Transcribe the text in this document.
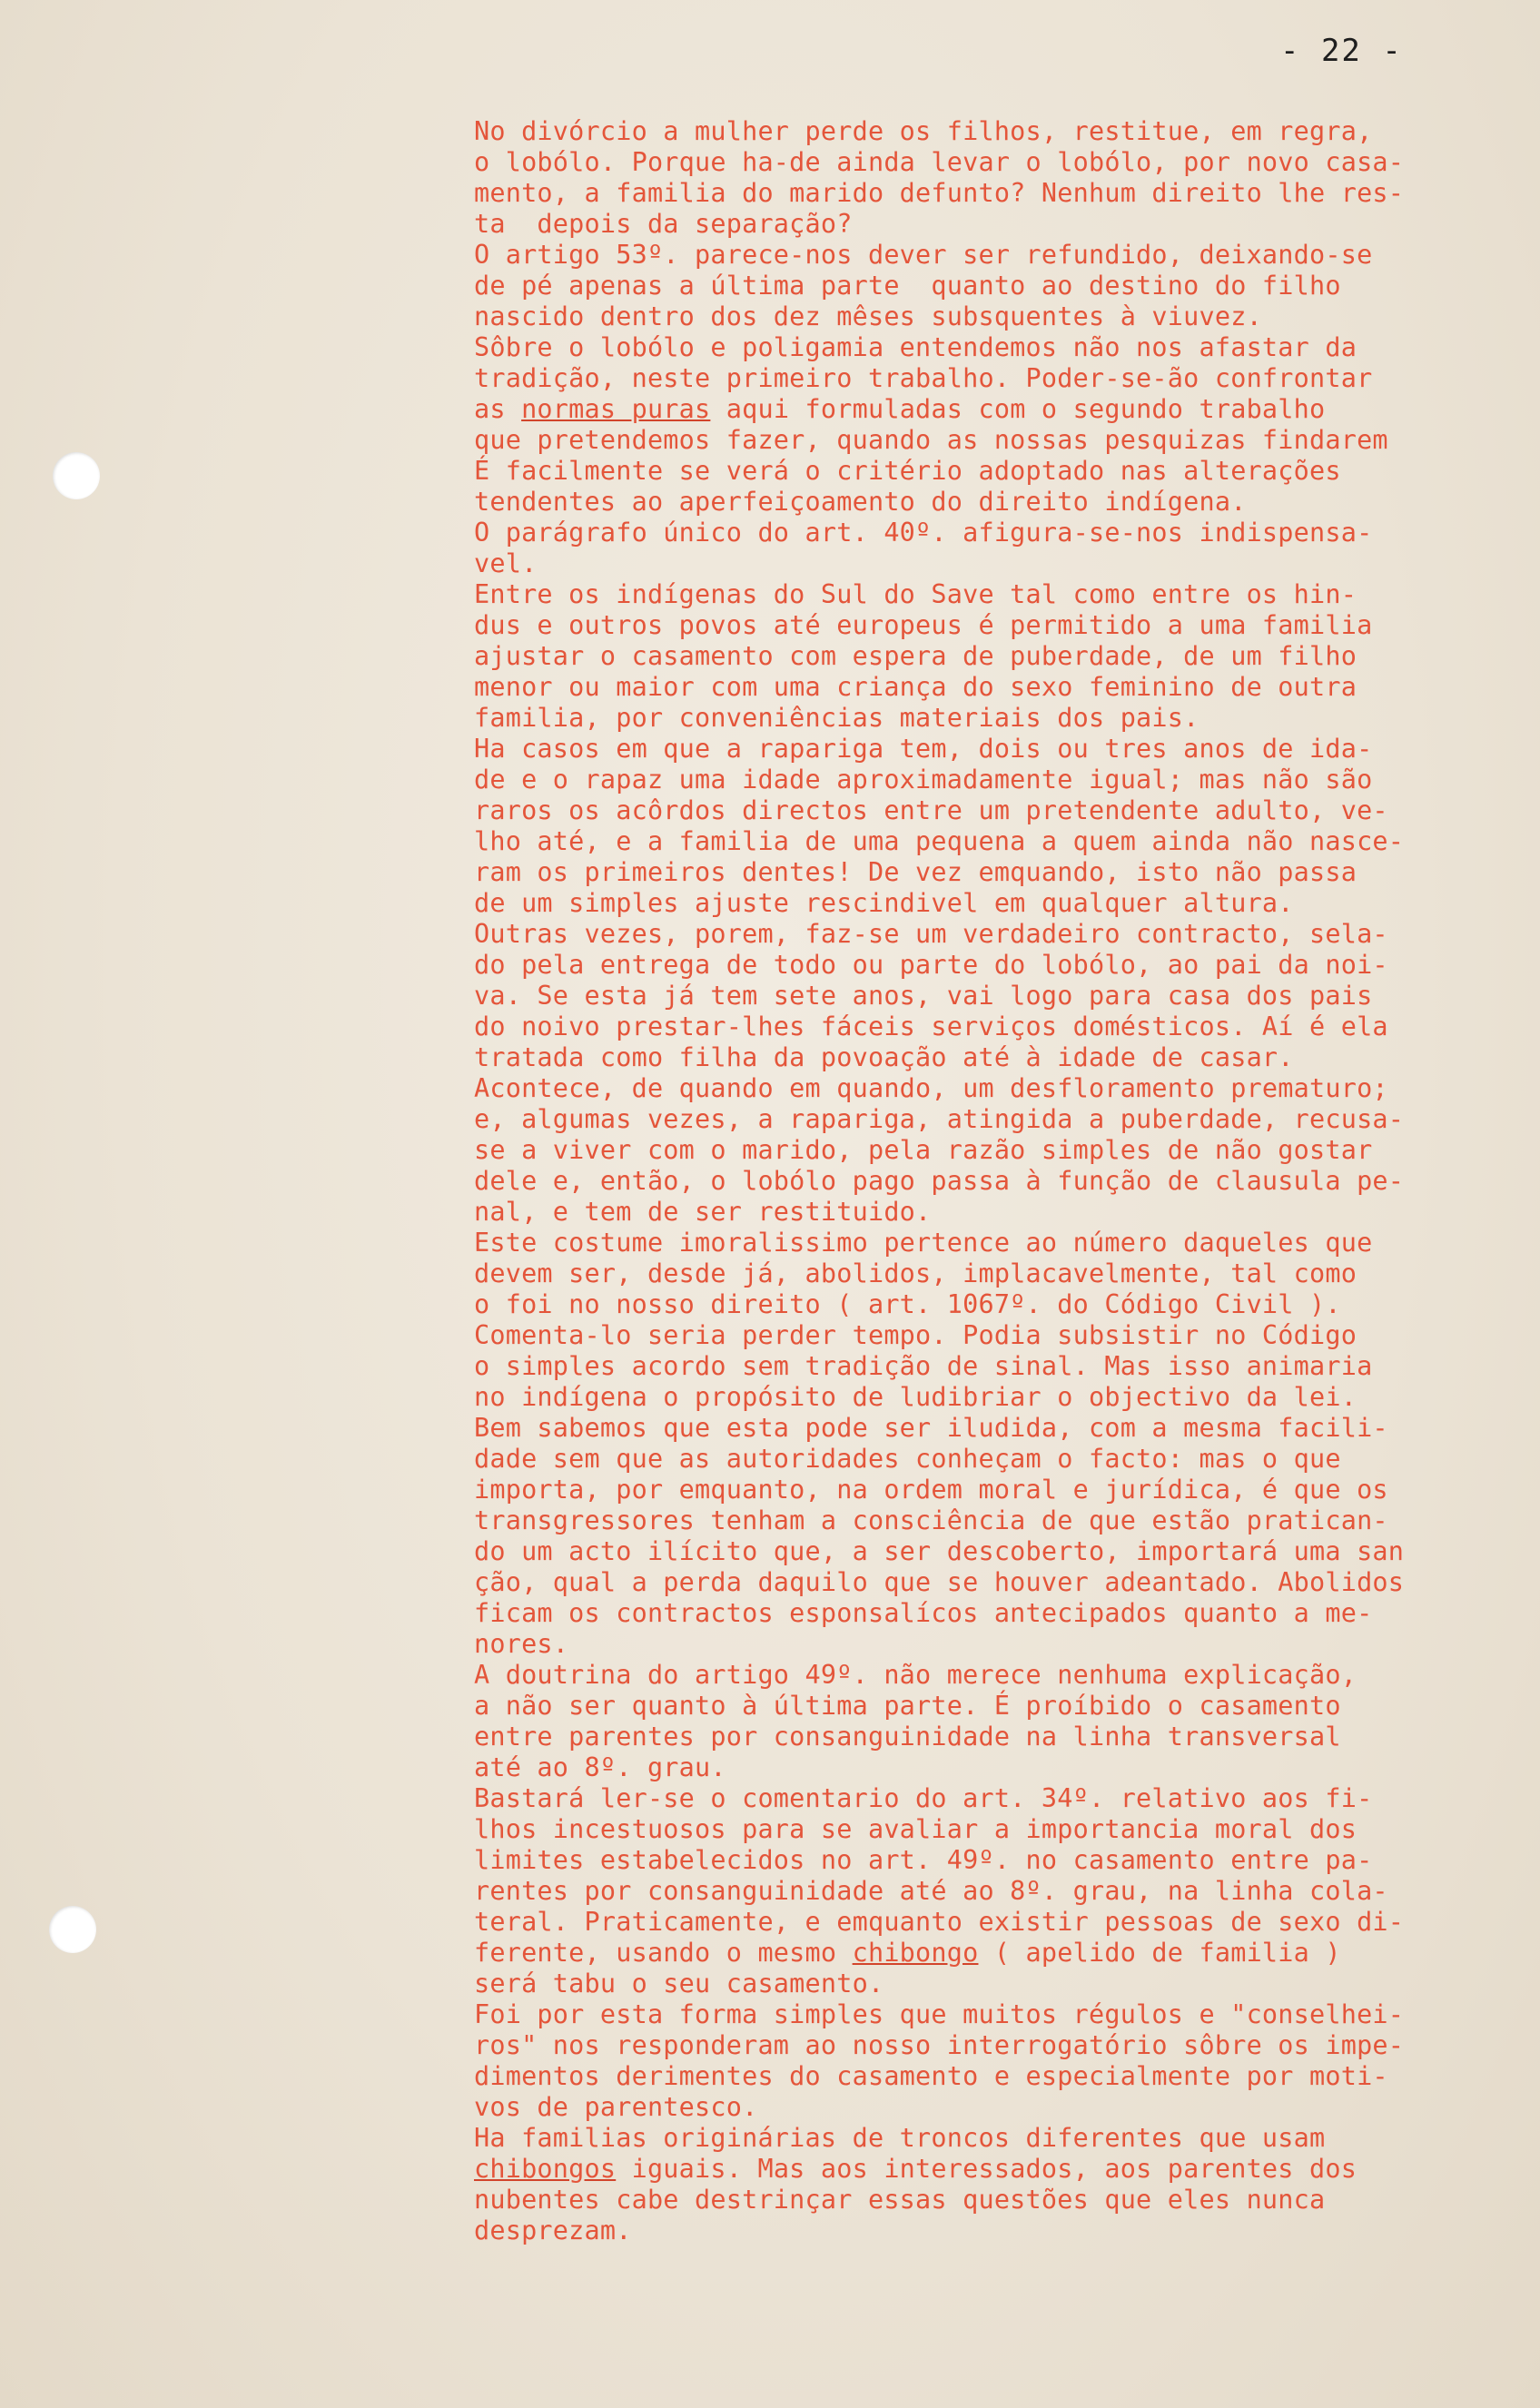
- 22 -
No divórcio a mulher perde os filhos, restitue, em regra,
o lobólo. Porque ha-de ainda levar o lobólo, por novo casa-
mento, a familia do marido defunto? Nenhum direito lhe res-
ta  depois da separação?
O artigo 53º. parece-nos dever ser refundido, deixando-se
de pé apenas a última parte  quanto ao destino do filho
nascido dentro dos dez mêses subsquentes à viuvez.
Sôbre o lobólo e poligamia entendemos não nos afastar da
tradição, neste primeiro trabalho. Poder-se-ão confrontar
as normas puras aqui formuladas com o segundo trabalho
que pretendemos fazer, quando as nossas pesquizas findarem
É facilmente se verá o critério adoptado nas alterações
tendentes ao aperfeiçoamento do direito indígena.
O parágrafo único do art. 40º. afigura-se-nos indispensa-
vel.
Entre os indígenas do Sul do Save tal como entre os hin-
dus e outros povos até europeus é permitido a uma familia
ajustar o casamento com espera de puberdade, de um filho
menor ou maior com uma criança do sexo feminino de outra
familia, por conveniências materiais dos pais.
Ha casos em que a rapariga tem, dois ou tres anos de ida-
de e o rapaz uma idade aproximadamente igual; mas não são
raros os acôrdos directos entre um pretendente adulto, ve-
lho até, e a familia de uma pequena a quem ainda não nasce-
ram os primeiros dentes! De vez emquando, isto não passa
de um simples ajuste rescindivel em qualquer altura.
Outras vezes, porem, faz-se um verdadeiro contracto, sela-
do pela entrega de todo ou parte do lobólo, ao pai da noi-
va. Se esta já tem sete anos, vai logo para casa dos pais
do noivo prestar-lhes fáceis serviços domésticos. Aí é ela
tratada como filha da povoação até à idade de casar.
Acontece, de quando em quando, um desfloramento prematuro;
e, algumas vezes, a rapariga, atingida a puberdade, recusa-
se a viver com o marido, pela razão simples de não gostar
dele e, então, o lobólo pago passa à função de clausula pe-
nal, e tem de ser restituido.
Este costume imoralissimo pertence ao número daqueles que
devem ser, desde já, abolidos, implacavelmente, tal como
o foi no nosso direito ( art. 1067º. do Código Civil ).
Comenta-lo seria perder tempo. Podia subsistir no Código
o simples acordo sem tradição de sinal. Mas isso animaria
no indígena o propósito de ludibriar o objectivo da lei.
Bem sabemos que esta pode ser iludida, com a mesma facili-
dade sem que as autoridades conheçam o facto: mas o que
importa, por emquanto, na ordem moral e jurídica, é que os
transgressores tenham a consciência de que estão pratican-
do um acto ilícito que, a ser descoberto, importará uma san
ção, qual a perda daquilo que se houver adeantado. Abolidos
ficam os contractos esponsalícos antecipados quanto a me-
nores.
A doutrina do artigo 49º. não merece nenhuma explicação,
a não ser quanto à última parte. É proíbido o casamento
entre parentes por consanguinidade na linha transversal
até ao 8º. grau.
Bastará ler-se o comentario do art. 34º. relativo aos fi-
lhos incestuosos para se avaliar a importancia moral dos
limites estabelecidos no art. 49º. no casamento entre pa-
rentes por consanguinidade até ao 8º. grau, na linha cola-
teral. Praticamente, e emquanto existir pessoas de sexo di-
ferente, usando o mesmo chibongo ( apelido de familia )
será tabu o seu casamento.
Foi por esta forma simples que muitos régulos e "conselhei-
ros" nos responderam ao nosso interrogatório sôbre os impe-
dimentos derimentes do casamento e especialmente por moti-
vos de parentesco.
Ha familias originárias de troncos diferentes que usam
chibongos iguais. Mas aos interessados, aos parentes dos
nubentes cabe destrinçar essas questões que eles nunca
desprezam.
